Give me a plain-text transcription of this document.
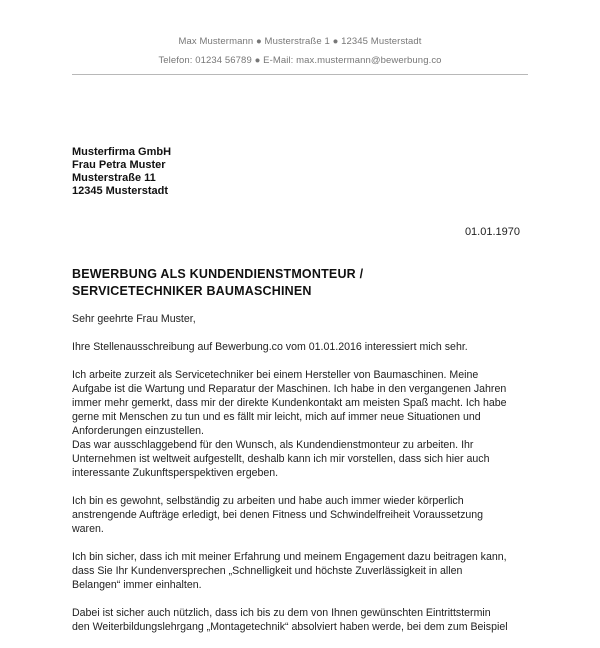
Max Mustermann ● Musterstraße 1 ● 12345 Musterstadt
Telefon: 01234 56789 ● E-Mail: max.mustermann@bewerbung.co
Musterfirma GmbH
Frau Petra Muster
Musterstraße 11
12345 Musterstadt
01.01.1970
BEWERBUNG ALS KUNDENDIENSTMONTEUR /
SERVICETECHNIKER BAUMASCHINEN
Sehr geehrte Frau Muster,
Ihre Stellenausschreibung auf Bewerbung.co vom 01.01.2016 interessiert mich sehr.
Ich arbeite zurzeit als Servicetechniker bei einem Hersteller von Baumaschinen. Meine
Aufgabe ist die Wartung und Reparatur der Maschinen. Ich habe in den vergangenen Jahren
immer mehr gemerkt, dass mir der direkte Kundenkontakt am meisten Spaß macht. Ich habe
gerne mit Menschen zu tun und es fällt mir leicht, mich auf immer neue Situationen und
Anforderungen einzustellen.
Das war ausschlaggebend für den Wunsch, als Kundendienstmonteur zu arbeiten. Ihr
Unternehmen ist weltweit aufgestellt, deshalb kann ich mir vorstellen, dass sich hier auch
interessante Zukunftsperspektiven ergeben.
Ich bin es gewohnt, selbständig zu arbeiten und habe auch immer wieder körperlich
anstrengende Aufträge erledigt, bei denen Fitness und Schwindelfreiheit Voraussetzung
waren.
Ich bin sicher, dass ich mit meiner Erfahrung und meinem Engagement dazu beitragen kann,
dass Sie Ihr Kundenversprechen „Schnelligkeit und höchste Zuverlässigkeit in allen
Belangen“ immer einhalten.
Dabei ist sicher auch nützlich, dass ich bis zu dem von Ihnen gewünschten Eintrittstermin
den Weiterbildungslehrgang „Montagetechnik“ absolviert haben werde, bei dem zum Beispiel
